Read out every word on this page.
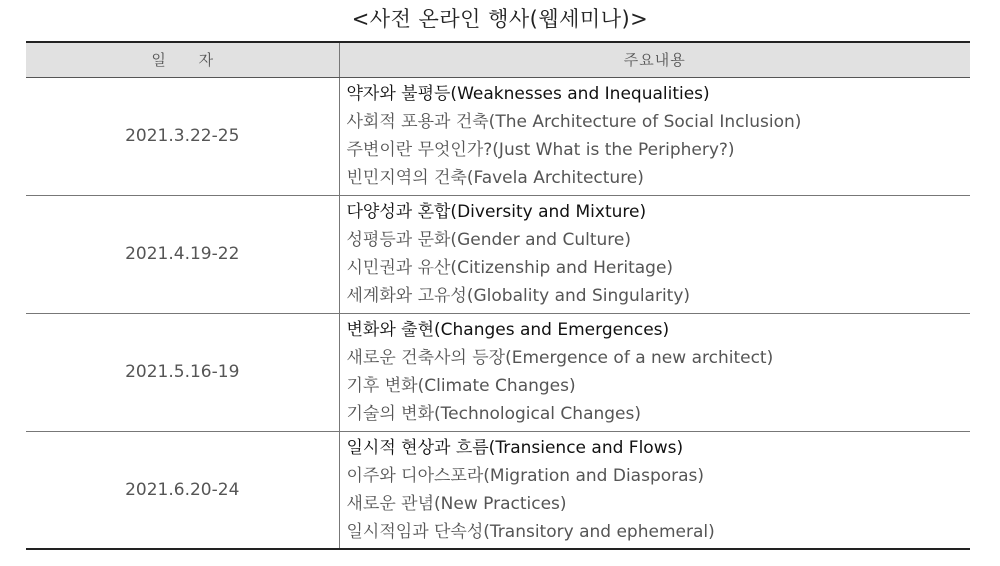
<사전 온라인 행사(웹세미나)>
일 자	주요내용
2021.3.22-25	약자와 불평등(Weaknesses and Inequalities)
사회적 포용과 건축(The Architecture of Social Inclusion)
주변이란 무엇인가?(Just What is the Periphery?)
빈민지역의 건축(Favela Architecture)

2021.4.19-22	다양성과 혼합(Diversity and Mixture)
성평등과 문화(Gender and Culture)
시민권과 유산(Citizenship and Heritage)
세계화와 고유성(Globality and Singularity)

2021.5.16-19	변화와 출현(Changes and Emergences)
새로운 건축사의 등장(Emergence of a new architect)
기후 변화(Climate Changes)
기술의 변화(Technological Changes)

2021.6.20-24	일시적 현상과 흐름(Transience and Flows)
이주와 디아스포라(Migration and Diasporas)
새로운 관념(New Practices)
일시적임과 단속성(Transitory and ephemeral)
